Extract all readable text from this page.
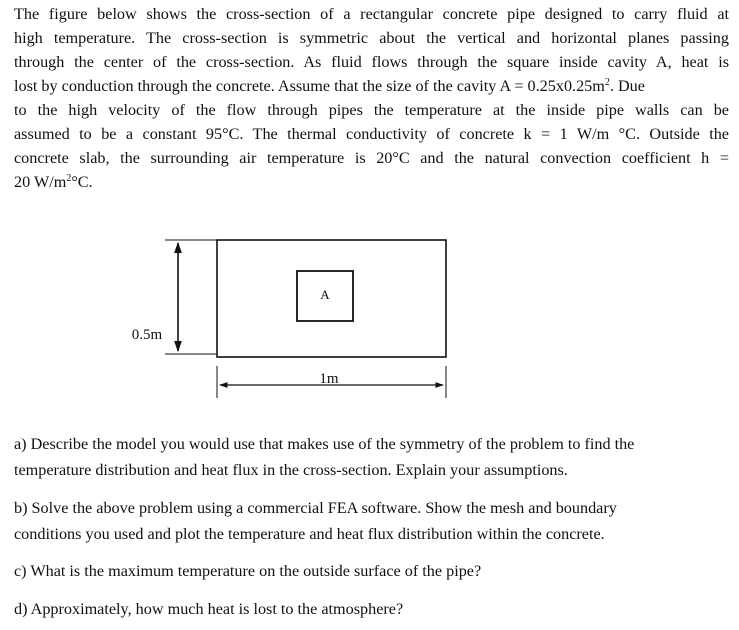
The figure below shows the cross-section of a rectangular concrete pipe designed to carry fluid at
high temperature. The cross-section is symmetric about the vertical and horizontal planes passing
through the center of the cross-section. As fluid flows through the square inside cavity A, heat is
lost by conduction through the concrete. Assume that the size of the cavity $A = 0.25x0.25m^2$. Due
to the high velocity of the flow through pipes the temperature at the inside pipe walls can be
assumed to be a constant 95°C. The thermal conductivity of concrete k = 1 W/m °C. Outside the
concrete slab, the surrounding air temperature is 20°C and the natural convection coefficient h =
20 $W/m^2^\circ C$.
A
0.5m
1m

a) Describe the model you would use that makes use of the symmetry of the problem to find the
temperature distribution and heat flux in the cross-section. Explain your assumptions.

b) Solve the above problem using a commercial FEA software. Show the mesh and boundary
conditions you used and plot the temperature and heat flux distribution within the concrete.

c) What is the maximum temperature on the outside surface of the pipe?

d) Approximately, how much heat is lost to the atmosphere?
